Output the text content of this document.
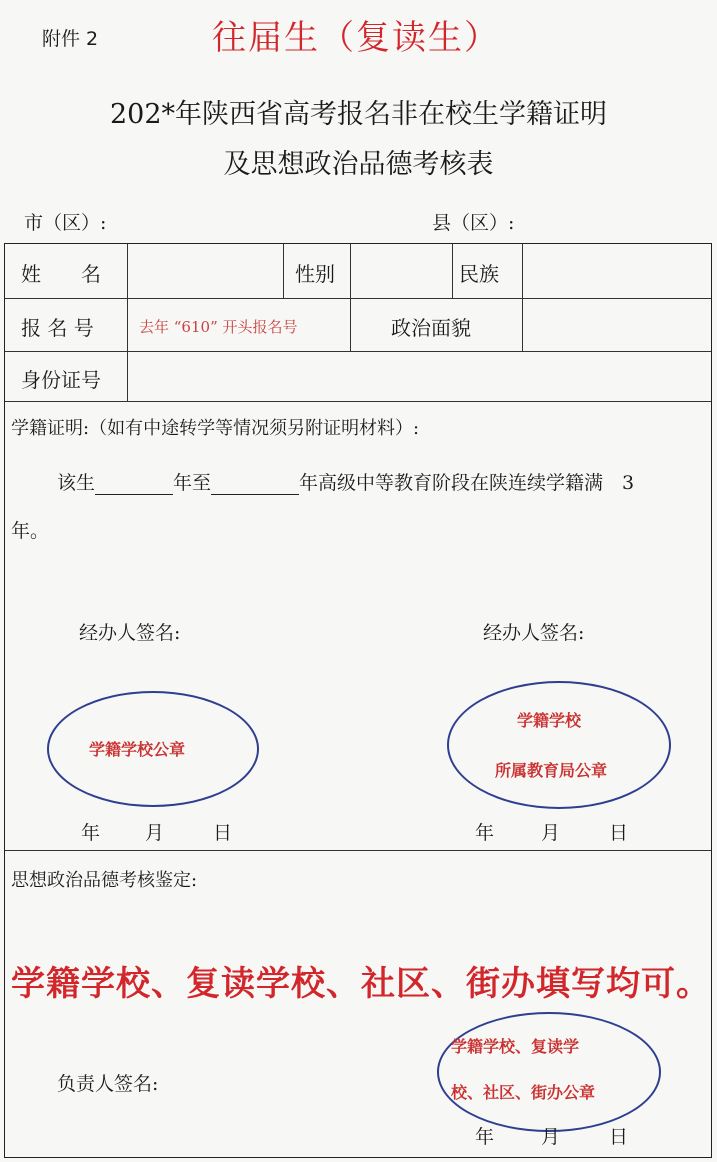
附件 2	往届生（复读生）
202*年陕西省高考报名非在校生学籍证明
及思想政治品德考核表
市（区）:	县（区）:
姓　　名	性别	民族
报 名 号	去年 “610” 开头报名号	政治面貌
身份证号
学籍证明:（如有中途转学等情况须另附证明材料）:
该生	年至	年高级中等教育阶段在陕连续学籍满　3
年。
经办人签名:	经办人签名:
学籍学校公章
学籍学校
所属教育局公章
年 月	日	年 月	日
思想政治品德考核鉴定:
学籍学校、复读学校、社区、街办填写均可。
负责人签名:
学籍学校、复读学
校、社区、街办公章
年 月	日
